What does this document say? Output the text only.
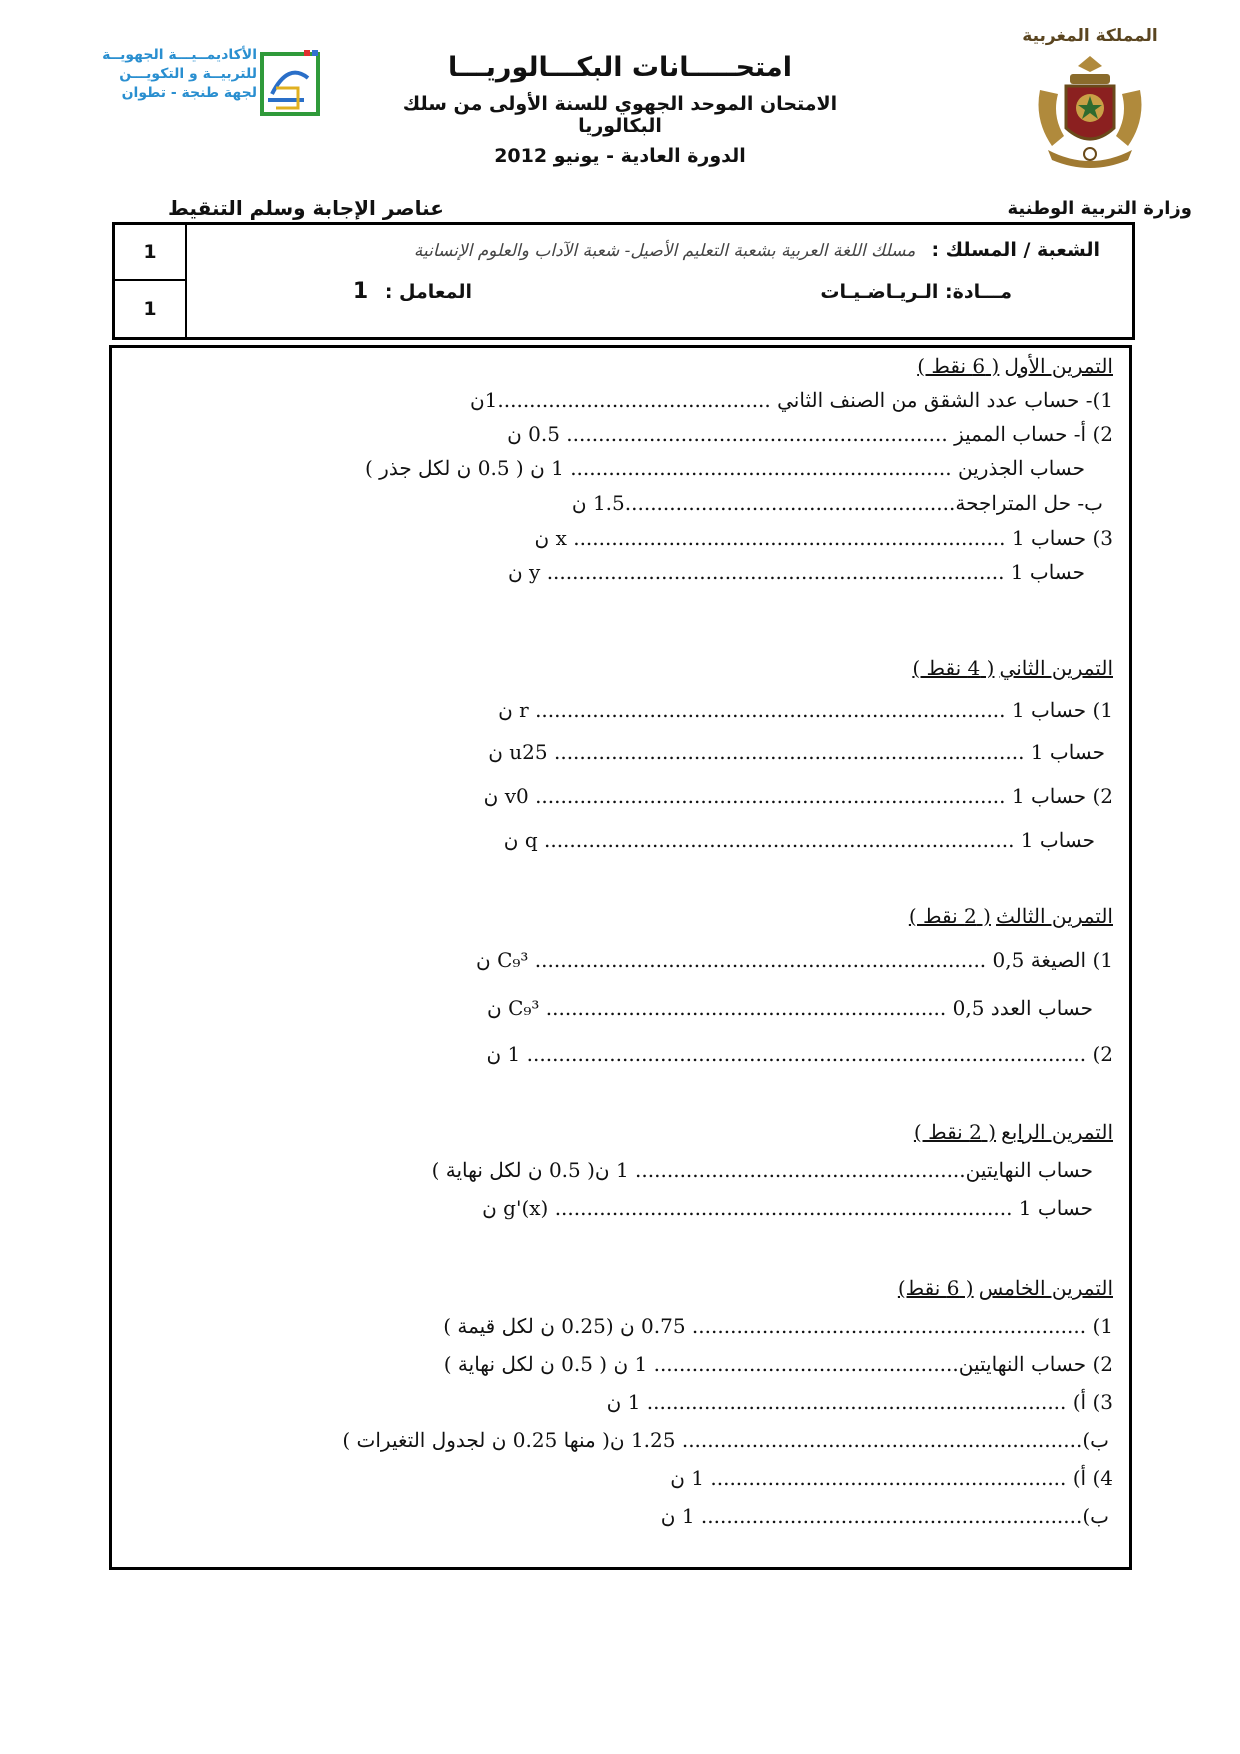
المملكة المغربية
الأكاديمــيـــة الجهويــة
للتربيــة و التكويـــن
لجهة طنجة - تطوان
امتحـــــانات البكـــالوريـــا
الامتحان الموحد الجهوي للسنة الأولى من سلك البكالوريا
الدورة العادية - يونيو 2012
وزارة التربية الوطنية
عناصر الإجابة وسلم التنقيط
1
1
الشعبة / المسلك : مسلك اللغة العربية بشعبة التعليم الأصيل- شعبة الآداب والعلوم الإنسانية
مـــادة: الـريـاضـيـات
المعامل : 1
التمرين الأول ( 6 نقط )
1)- حساب عدد الشقق من الصنف الثاني ...........................................1ن
2) أ- حساب المميز ............................................................ 0.5 ن
حساب الجذرين ............................................................ 1 ن ( 0.5 ن لكل جذر )
ب- حل المتراجحة....................................................1.5 ن
3) حساب x .................................................................... 1 ن
حساب y ........................................................................ 1 ن
التمرين الثاني ( 4 نقط )
1) حساب r .......................................................................... 1 ن
حساب u25 .......................................................................... 1 ن
2) حساب v0 .......................................................................... 1 ن
حساب q .......................................................................... 1 ن
التمرين الثالث ( 2 نقط )
1) الصيغة C₉³ ....................................................................... 0,5 ن
حساب العدد C₉³ ............................................................... 0,5 ن
2) ........................................................................................ 1 ن
التمرين الرابع ( 2 نقط )
حساب النهايتين.................................................... 1 ن( 0.5 ن لكل نهاية )
حساب g'(x) ........................................................................ 1 ن
التمرين الخامس ( 6 نقط)
1) .............................................................. 0.75 ن (0.25 ن لكل قيمة )
2) حساب النهايتين................................................ 1 ن ( 0.5 ن لكل نهاية )
3) أ) .................................................................. 1 ن
ب)............................................................... 1.25 ن( منها 0.25 ن لجدول التغيرات )
4) أ) ........................................................ 1 ن
ب)............................................................ 1 ن
